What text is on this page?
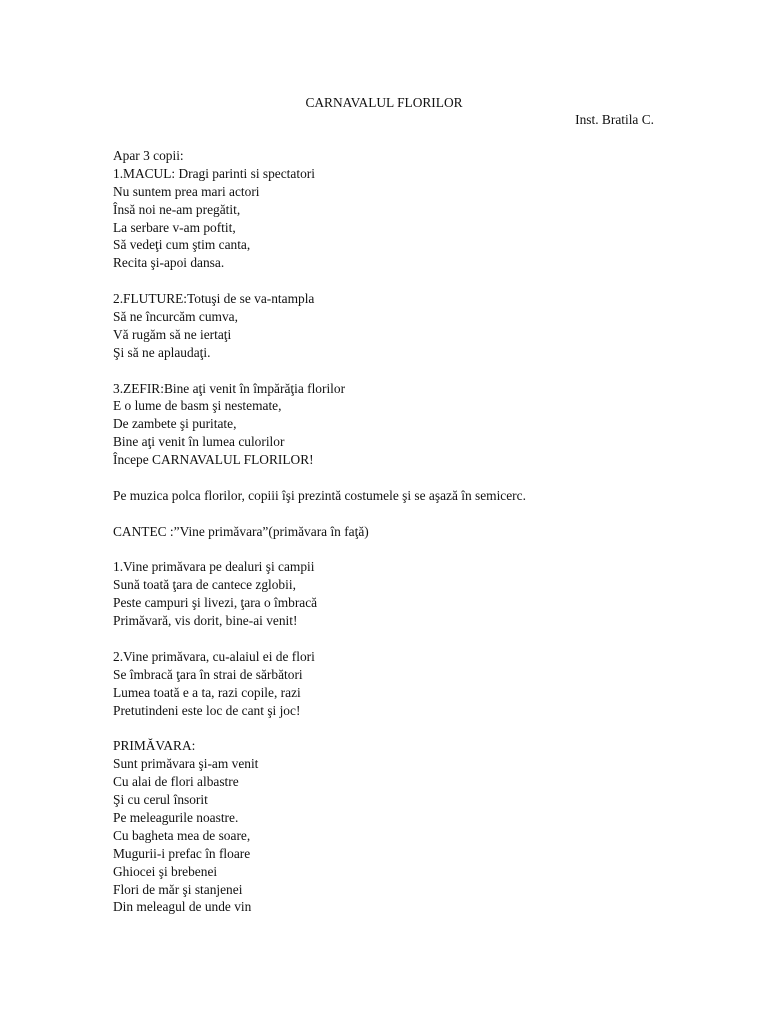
CARNAVALUL FLORILOR
Inst. Bratila C.
Apar 3 copii:
1.MACUL: Dragi parinti si spectatori
Nu suntem prea mari actori
Însă noi ne-am pregătit,
La serbare v-am poftit,
Să vedeţi cum ştim canta,
Recita şi-apoi dansa.
2.FLUTURE:Totuşi de se va-ntampla
Să ne încurcăm cumva,
Vă rugăm să ne iertaţi
Şi să ne aplaudaţi.
3.ZEFIR:Bine aţi venit în împărăţia florilor
E o lume de basm şi nestemate,
De zambete şi puritate,
Bine aţi venit în lumea culorilor
Începe CARNAVALUL FLORILOR!
Pe muzica polca florilor, copiii îşi prezintă costumele şi se aşază în semicerc.
CANTEC :”Vine primăvara”(primăvara în faţă)
1.Vine primăvara pe dealuri şi campii
Sună toată ţara de cantece zglobii,
Peste campuri şi livezi, ţara o îmbracă
Primăvară, vis dorit, bine-ai venit!
2.Vine primăvara, cu-alaiul ei de flori
Se îmbracă ţara în strai de sărbători
Lumea toată e a ta, razi copile, razi
Pretutindeni este loc de cant şi joc!
PRIMĂVARA:
Sunt primăvara şi-am venit
Cu alai de flori albastre
Şi cu cerul însorit
Pe meleagurile noastre.
Cu bagheta mea de soare,
Mugurii-i prefac în floare
Ghiocei şi brebenei
Flori de măr şi stanjenei
Din meleagul de unde vin
